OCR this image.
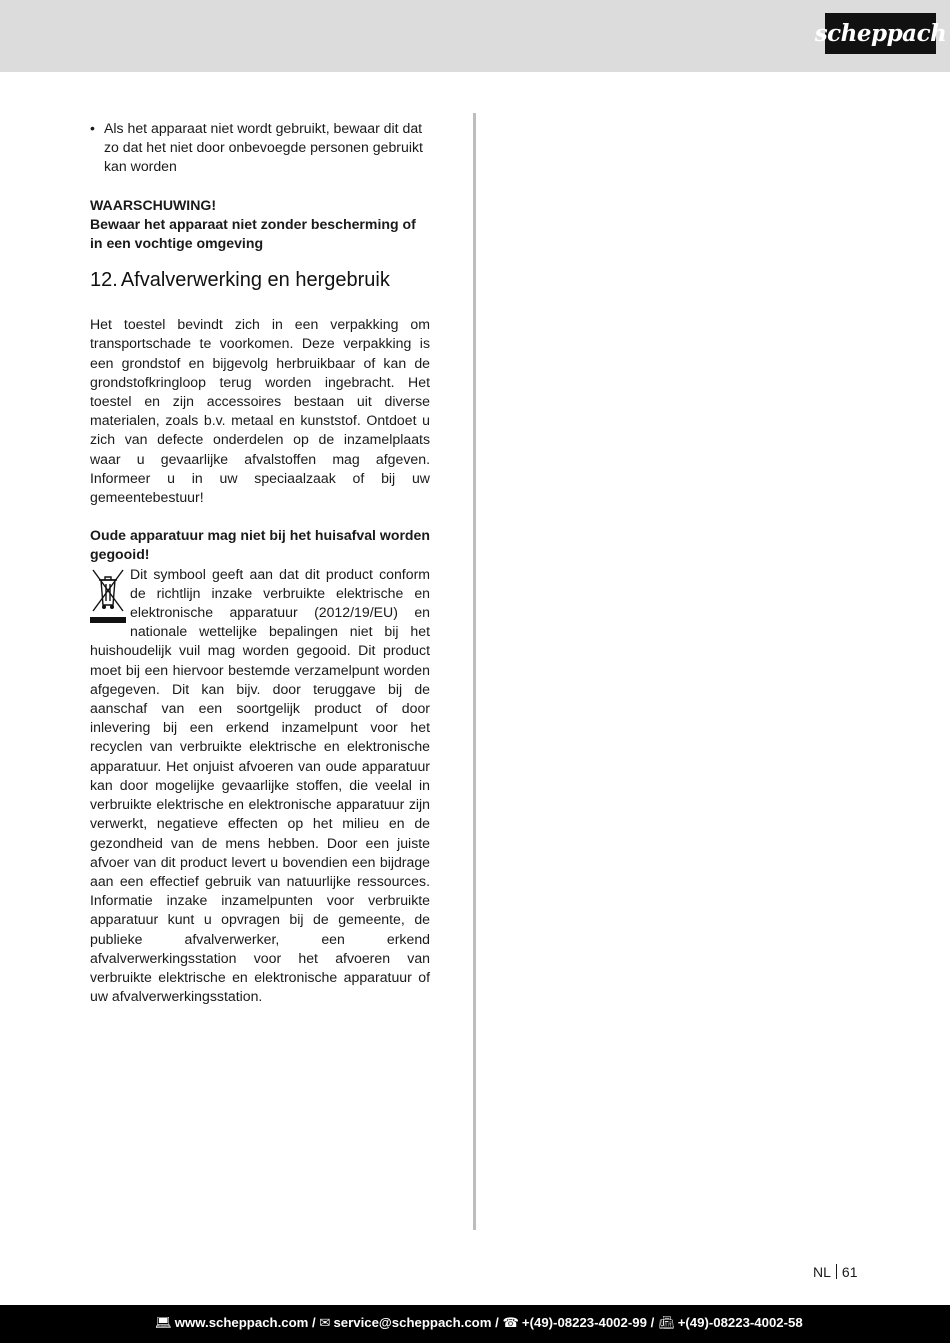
scheppach
• Als het apparaat niet wordt gebruikt, bewaar dit dat zo dat het niet door onbevoegde personen gebruikt kan worden

WAARSCHUWING!

Bewaar het apparaat niet zonder bescherming of in een vochtige omgeving

12. Afvalverwerking en hergebruik

Het toestel bevindt zich in een verpakking om transportschade te voorkomen. Deze verpakking is een grondstof en bijgevolg herbruikbaar of kan de grondstofkringloop terug worden ingebracht. Het toestel en zijn accessoires bestaan uit diverse materialen, zoals b.v. metaal en kunststof. Ontdoet u zich van defecte onderdelen op de inzamelplaats waar u gevaarlijke afvalstoffen mag afgeven. Informeer u in uw speciaalzaak of bij uw gemeentebestuur!

Oude apparatuur mag niet bij het huisafval worden gegooid!

Dit symbool geeft aan dat dit product conform de richtlijn inzake verbruikte elektrische en elektronische apparatuur (2012/19/EU) en nationale wettelijke bepalingen niet bij het huishoudelijk vuil mag worden gegooid. Dit product moet bij een hiervoor bestemde verzamelpunt worden afgegeven. Dit kan bijv. door teruggave bij de aanschaf van een soortgelijk product of door inlevering bij een erkend inzamelpunt voor het recyclen van verbruikte elektrische en elektronische apparatuur. Het onjuist afvoeren van oude apparatuur kan door mogelijke gevaarlijke stoffen, die veelal in verbruikte elektrische en elektronische apparatuur zijn verwerkt, negatieve effecten op het milieu en de gezondheid van de mens hebben. Door een juiste afvoer van dit product levert u bovendien een bijdrage aan een effectief gebruik van natuurlijke ressources. Informatie inzake inzamelpunten voor verbruikte apparatuur kunt u opvragen bij de gemeente, de publieke afvalverwerker, een erkend afvalverwerkingsstation voor het afvoeren van verbruikte elektrische en elektronische apparatuur of uw afvalverwerkingsstation.

NL 61
💻︎ www.scheppach.com / ✉ service@scheppach.com / ☎ +(49)-08223-4002-99 / 📠︎ +(49)-08223-4002-58
